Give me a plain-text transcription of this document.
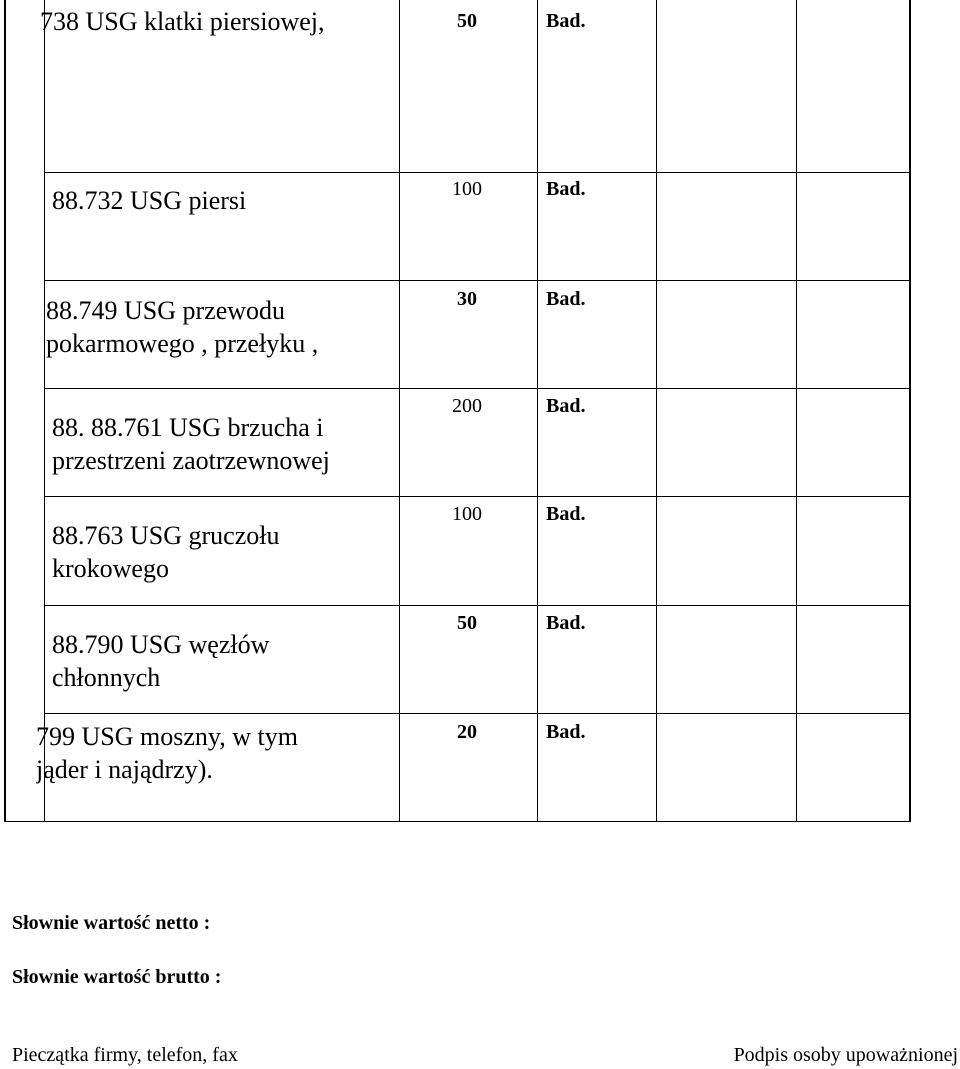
738 USG klatki piersiowej,	50	Bad.
88.732 USG piersi	100	Bad.
88.749 USG przewodu
pokarmowego , przełyku ,
30	Bad.
88. 88.761 USG brzucha i
przestrzeni zaotrzewnowej
200	Bad.
88.763 USG gruczołu
krokowego
100	Bad.
88.790 USG węzłów
chłonnych
50	Bad.
799 USG moszny, w tym
jąder i najądrzy).
20	Bad.
Słownie wartość netto :
Słownie wartość brutto :
Pieczątka firmy, telefon, fax	Podpis osoby upoważnionej
